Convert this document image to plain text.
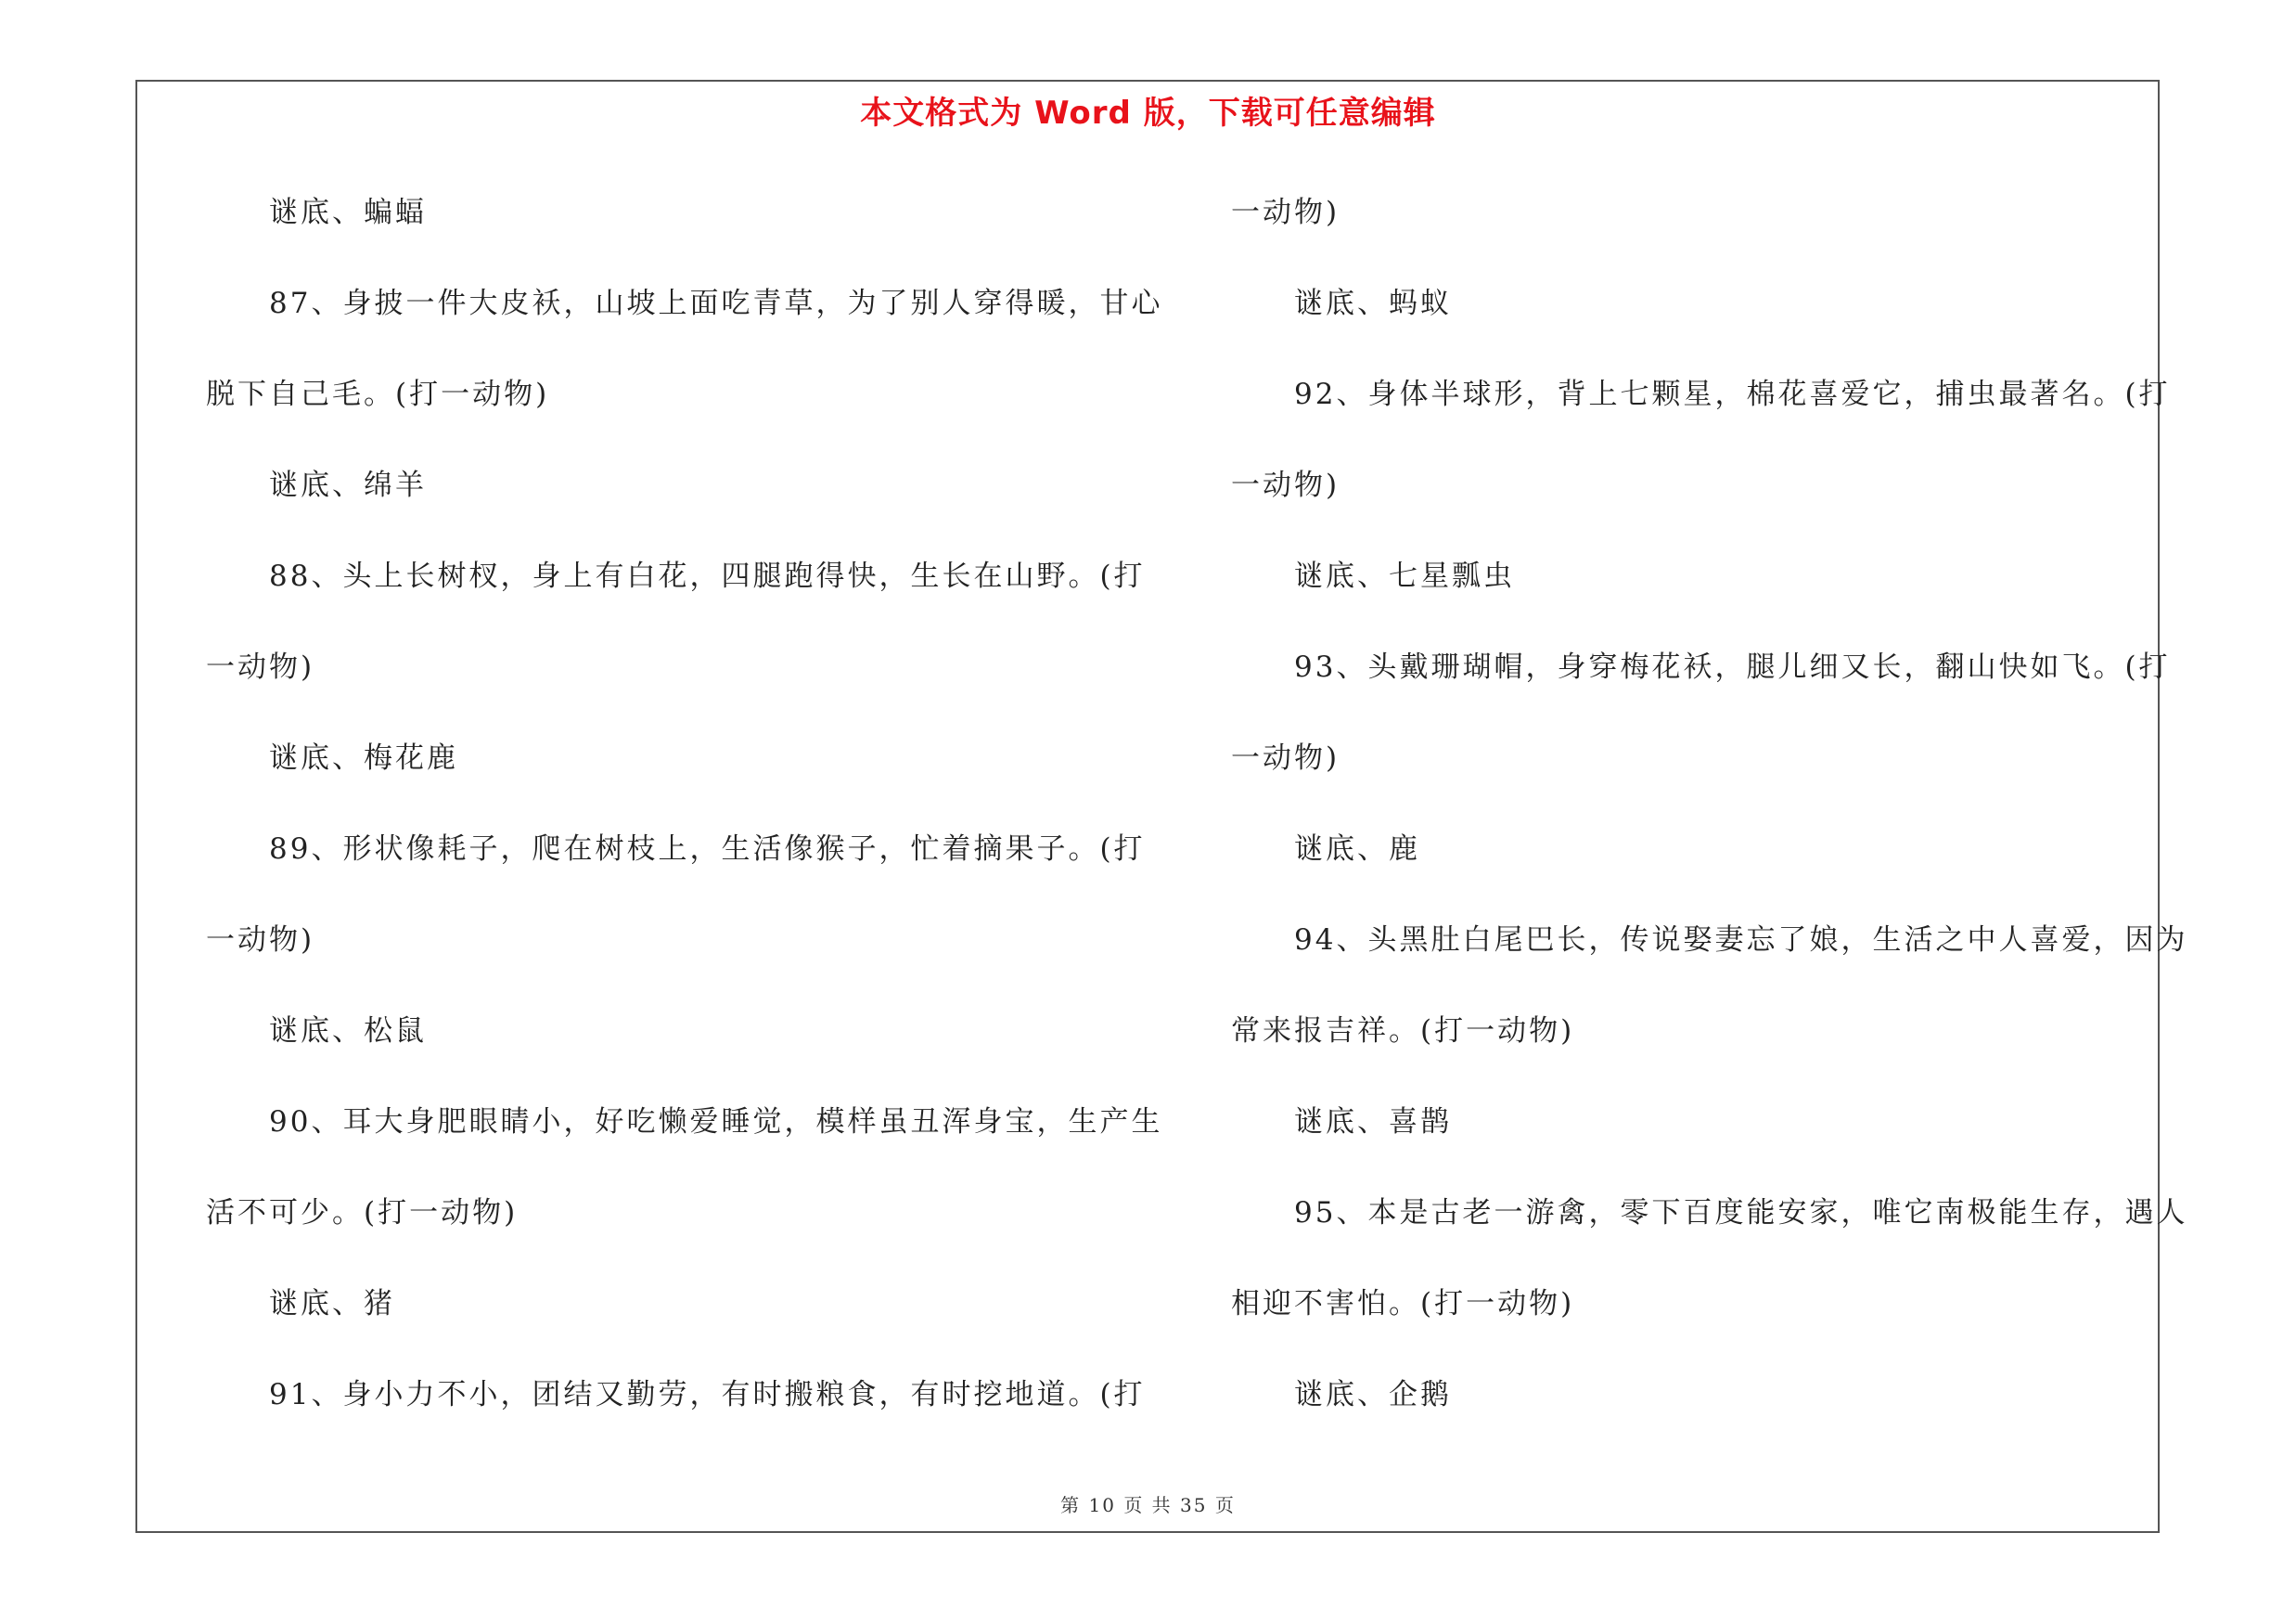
本文格式为 Word 版，下载可任意编辑
谜底、蝙蝠
87、身披一件大皮袄，山坡上面吃青草，为了别人穿得暖，甘心
脱下自己毛。(打一动物)
谜底、绵羊
88、头上长树杈，身上有白花，四腿跑得快，生长在山野。(打
一动物)
谜底、梅花鹿
89、形状像耗子，爬在树枝上，生活像猴子，忙着摘果子。(打
一动物)
谜底、松鼠
90、耳大身肥眼睛小，好吃懒爱睡觉，模样虽丑浑身宝，生产生
活不可少。(打一动物)
谜底、猪
91、身小力不小，团结又勤劳，有时搬粮食，有时挖地道。(打
一动物)
谜底、蚂蚁
92、身体半球形，背上七颗星，棉花喜爱它，捕虫最著名。(打
一动物)
谜底、七星瓢虫
93、头戴珊瑚帽，身穿梅花袄，腿儿细又长，翻山快如飞。(打
一动物)
谜底、鹿
94、头黑肚白尾巴长，传说娶妻忘了娘，生活之中人喜爱，因为
常来报吉祥。(打一动物)
谜底、喜鹊
95、本是古老一游禽，零下百度能安家，唯它南极能生存，遇人
相迎不害怕。(打一动物)
谜底、企鹅
第 10 页 共 35 页
